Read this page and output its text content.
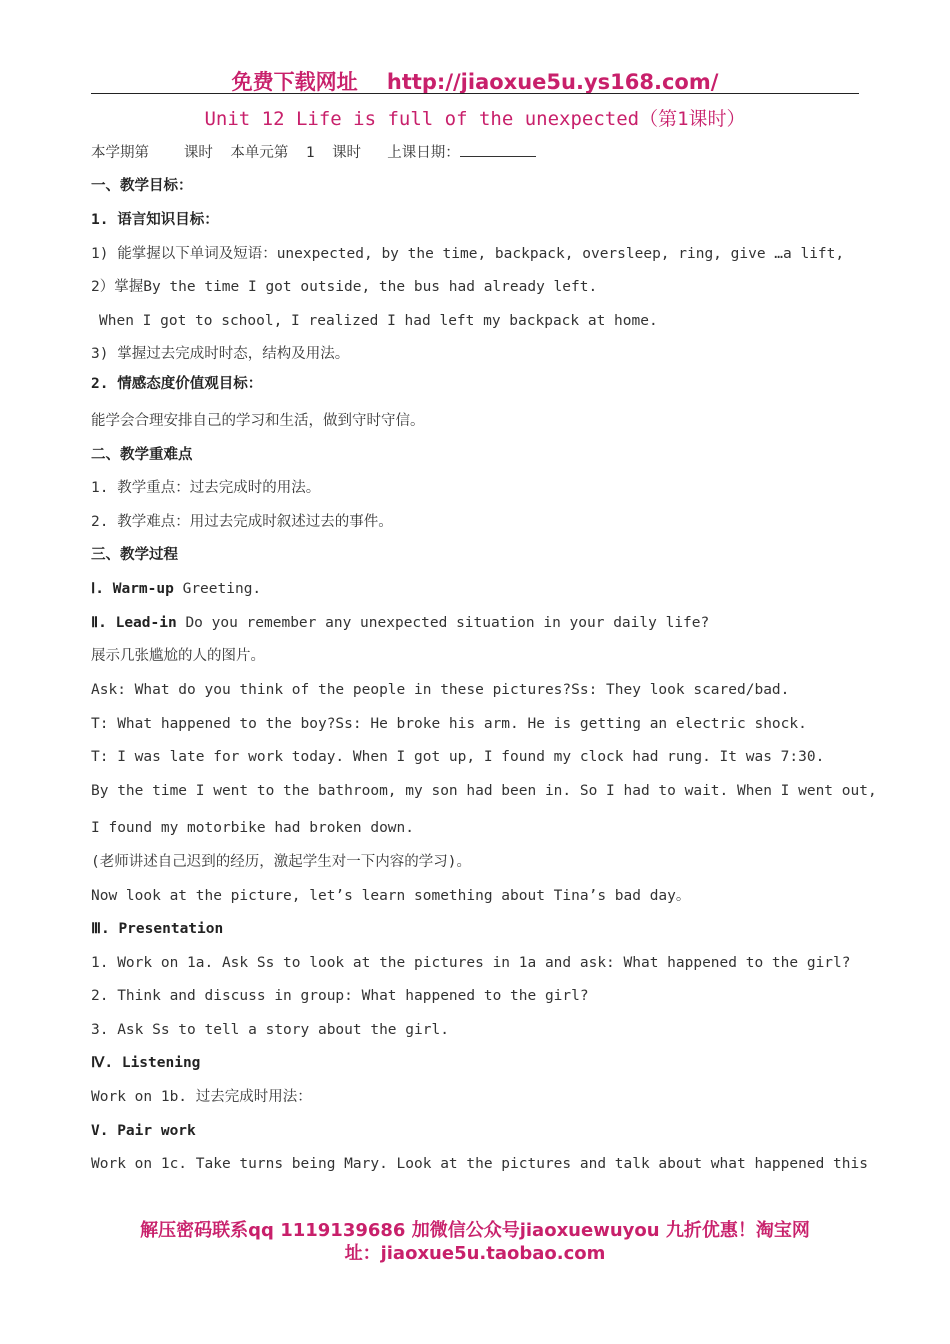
免费下载网址 http://jiaoxue5u.ys168.com/
Unit 12 Life is full of the unexpected（第1课时）
本学期第 课时 本单元第 1 课时 上课日期：
一、教学目标：
1. 语言知识目标：
1) 能掌握以下单词及短语：unexpected, by the time, backpack, oversleep, ring, give …a lift,
2）掌握By the time I got outside, the bus had already left.
When I got to school, I realized I had left my backpack at home.
3) 掌握过去完成时时态，结构及用法。
2. 情感态度价值观目标：
能学会合理安排自己的学习和生活，做到守时守信。
二、教学重难点
1. 教学重点：过去完成时的用法。
2. 教学难点：用过去完成时叙述过去的事件。
三、教学过程
Ⅰ. Warm-up Greeting.
Ⅱ. Lead-in Do you remember any unexpected situation in your daily life?
展示几张尴尬的人的图片。
Ask: What do you think of the people in these pictures?Ss: They look scared/bad.
T: What happened to the boy?Ss: He broke his arm. He is getting an electric shock.
T: I was late for work today. When I got up, I found my clock had rung. It was 7:30.
By the time I went to the bathroom, my son had been in. So I had to wait. When I went out,
I found my motorbike had broken down.
(老师讲述自己迟到的经历，激起学生对一下内容的学习)。
Now look at the picture, let’s learn something about Tina’s bad day。
Ⅲ. Presentation
1. Work on 1a. Ask Ss to look at the pictures in 1a and ask: What happened to the girl?
2. Think and discuss in group: What happened to the girl?
3. Ask Ss to tell a story about the girl.
Ⅳ. Listening
Work on 1b. 过去完成时用法：
V. Pair work
Work on 1c. Take turns being Mary. Look at the pictures and talk about what happened this
解压密码联系qq 1119139686 加微信公众号jiaoxuewuyou 九折优惠！淘宝网
址：jiaoxue5u.taobao.com
